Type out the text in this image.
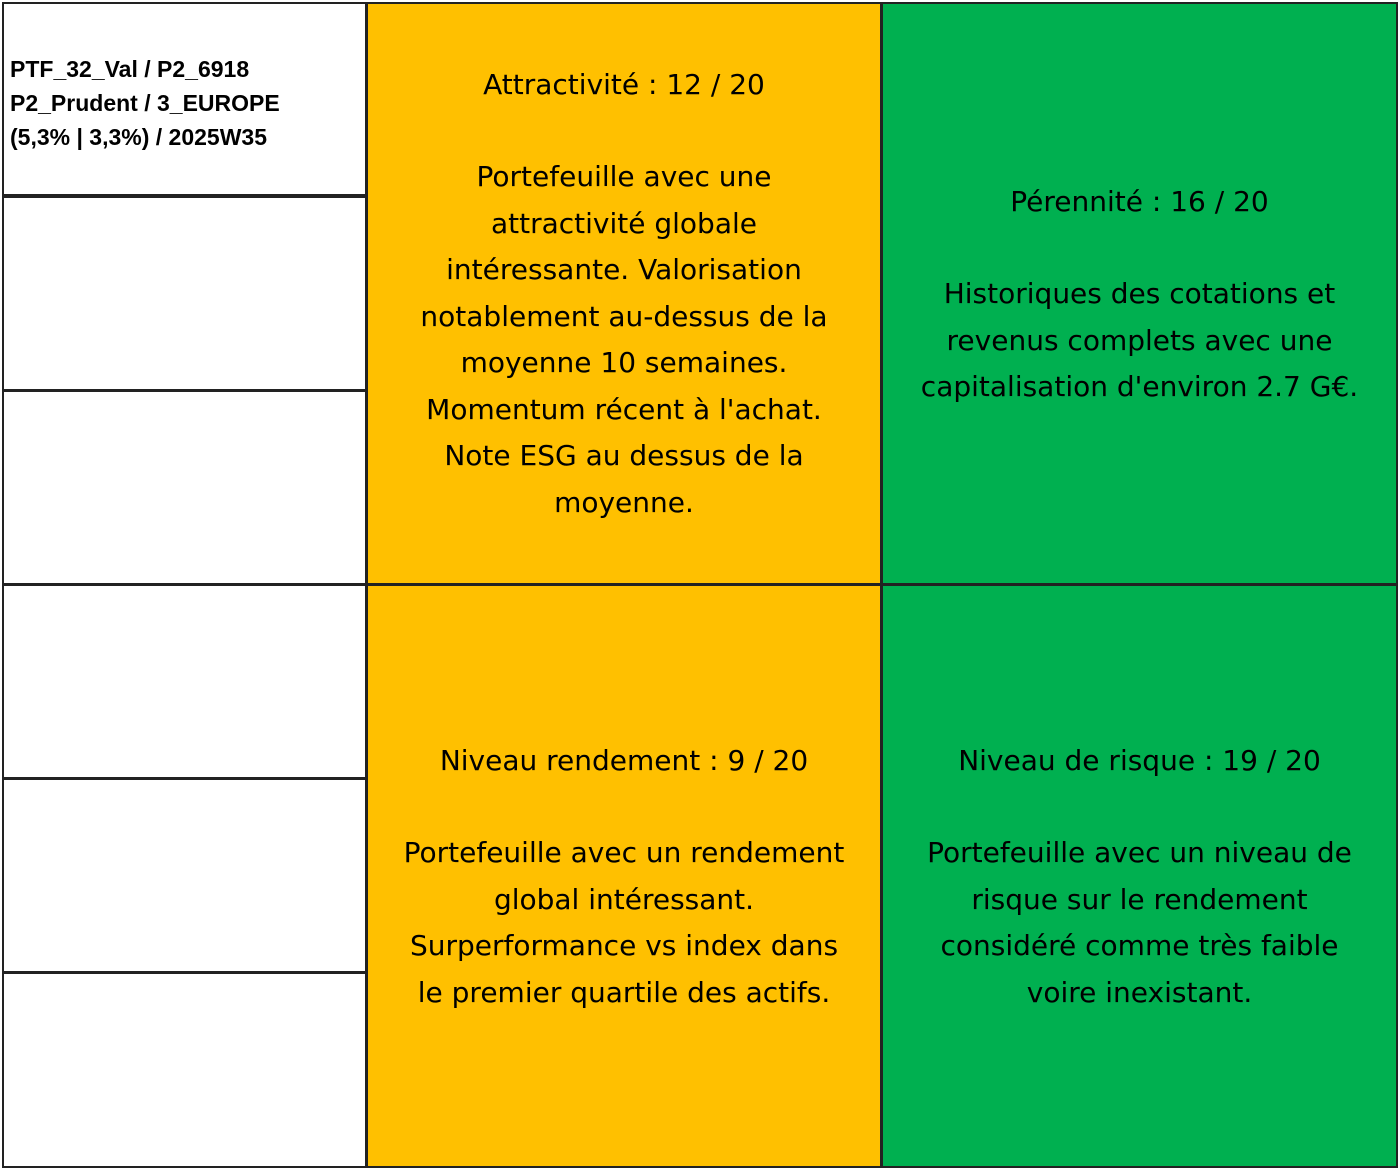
PTF_32_Val / P2_6918
P2_Prudent / 3_EUROPE
(5,3% | 3,3%) / 2025W35
Attractivité : 12 / 20
Portefeuille avec une
attractivité globale
intéressante. Valorisation
notablement au-dessus de la
moyenne 10 semaines.
Momentum récent à l'achat.
Note ESG au dessus de la
moyenne.
Pérennité : 16 / 20
Historiques des cotations et
revenus complets avec une
capitalisation d'environ 2.7 G€.
Niveau rendement : 9 / 20
Portefeuille avec un rendement
global intéressant.
Surperformance vs index dans
le premier quartile des actifs.
Niveau de risque : 19 / 20
Portefeuille avec un niveau de
risque sur le rendement
considéré comme très faible
voire inexistant.
